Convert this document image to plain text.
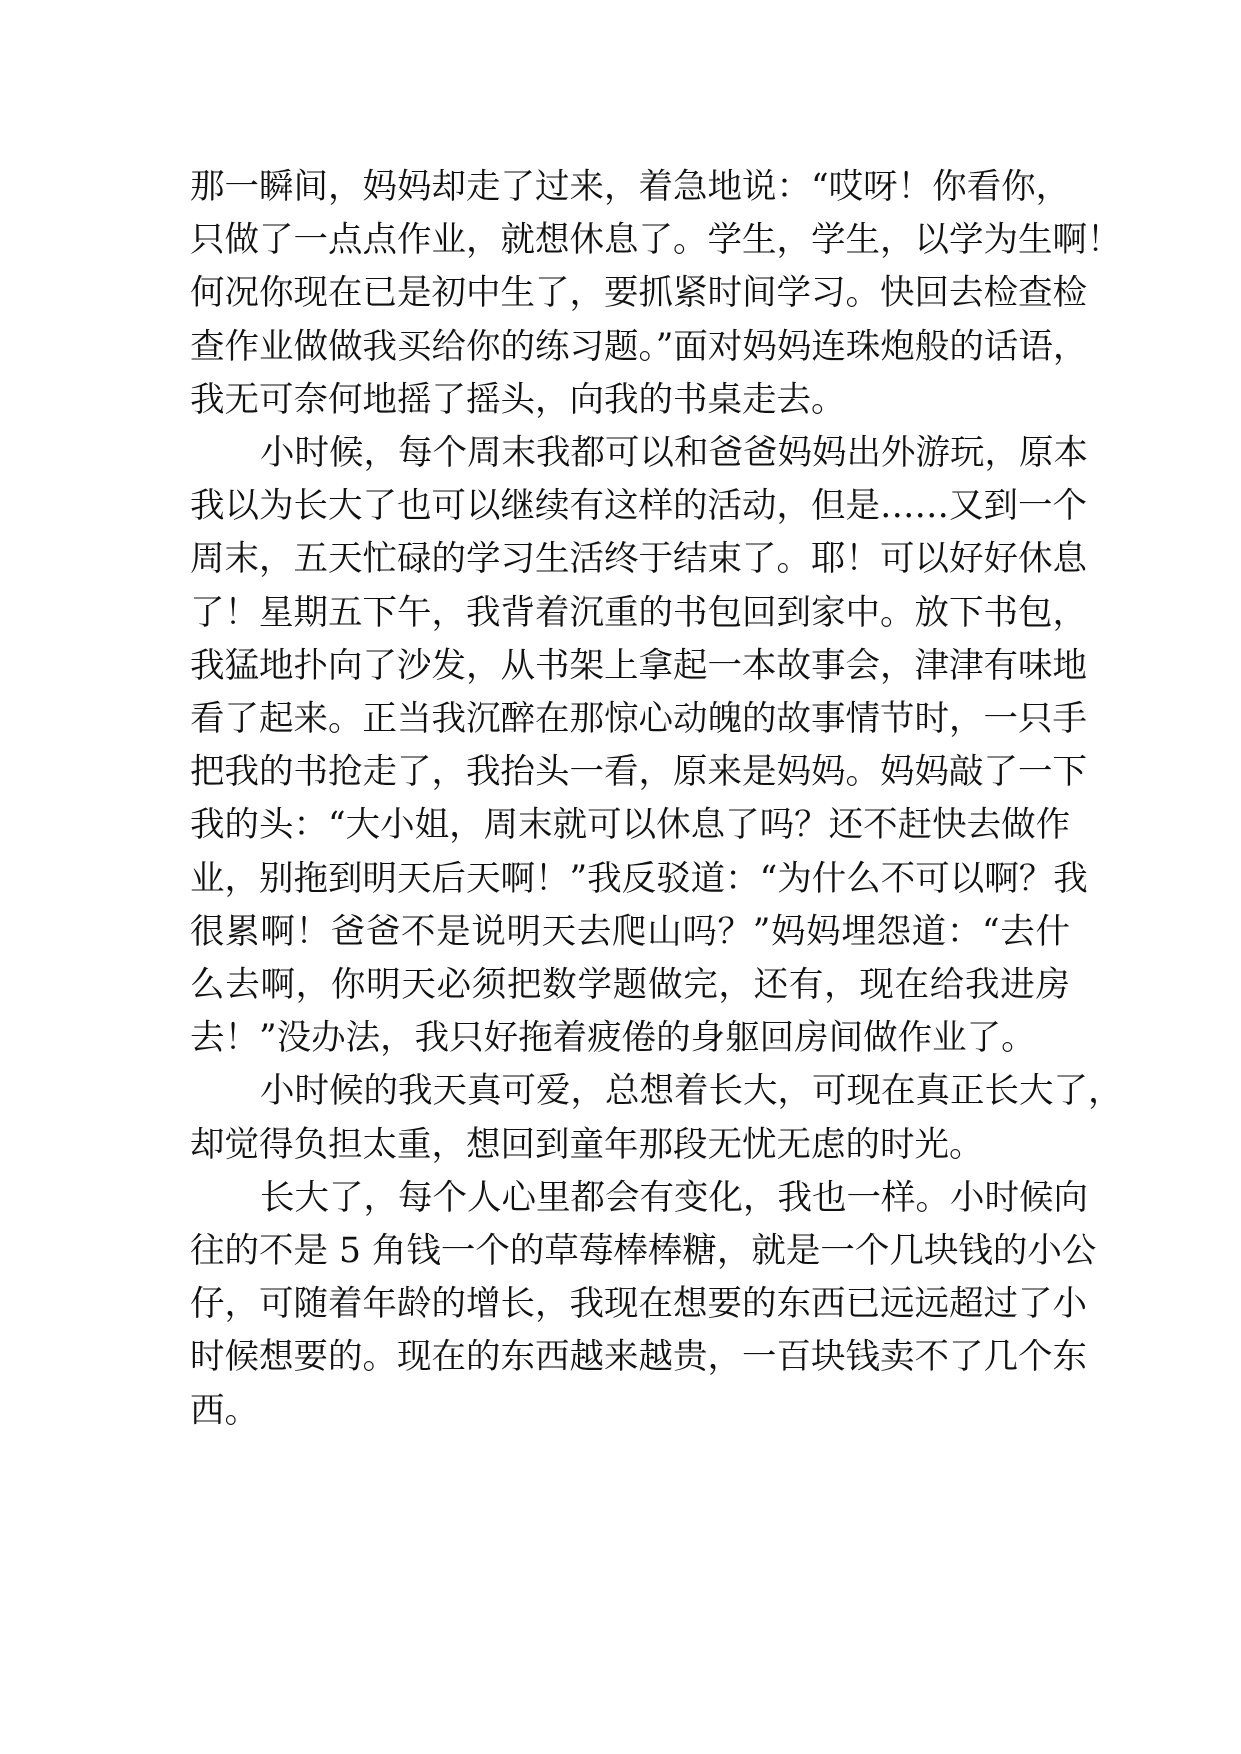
那一瞬间，妈妈却走了过来，着急地说：“哎呀！你看你，
只做了一点点作业，就想休息了。学生，学生，以学为生啊！
何况你现在已是初中生了，要抓紧时间学习。快回去检查检
查作业做做我买给你的练习题。”面对妈妈连珠炮般的话语，
我无可奈何地摇了摇头，向我的书桌走去。
小时候，每个周末我都可以和爸爸妈妈出外游玩，原本
我以为长大了也可以继续有这样的活动，但是……又到一个
周末，五天忙碌的学习生活终于结束了。耶！可以好好休息
了！星期五下午，我背着沉重的书包回到家中。放下书包，
我猛地扑向了沙发，从书架上拿起一本故事会，津津有味地
看了起来。正当我沉醉在那惊心动魄的故事情节时，一只手
把我的书抢走了，我抬头一看，原来是妈妈。妈妈敲了一下
我的头：“大小姐，周末就可以休息了吗？还不赶快去做作
业，别拖到明天后天啊！”我反驳道：“为什么不可以啊？我
很累啊！爸爸不是说明天去爬山吗？”妈妈埋怨道：“去什
么去啊，你明天必须把数学题做完，还有，现在给我进房
去！”没办法，我只好拖着疲倦的身躯回房间做作业了。
小时候的我天真可爱，总想着长大，可现在真正长大了，
却觉得负担太重，想回到童年那段无忧无虑的时光。
长大了，每个人心里都会有变化，我也一样。小时候向
往的不是 5 角钱一个的草莓棒棒糖，就是一个几块钱的小公
仔，可随着年龄的增长，我现在想要的东西已远远超过了小
时候想要的。现在的东西越来越贵，一百块钱卖不了几个东
西。
